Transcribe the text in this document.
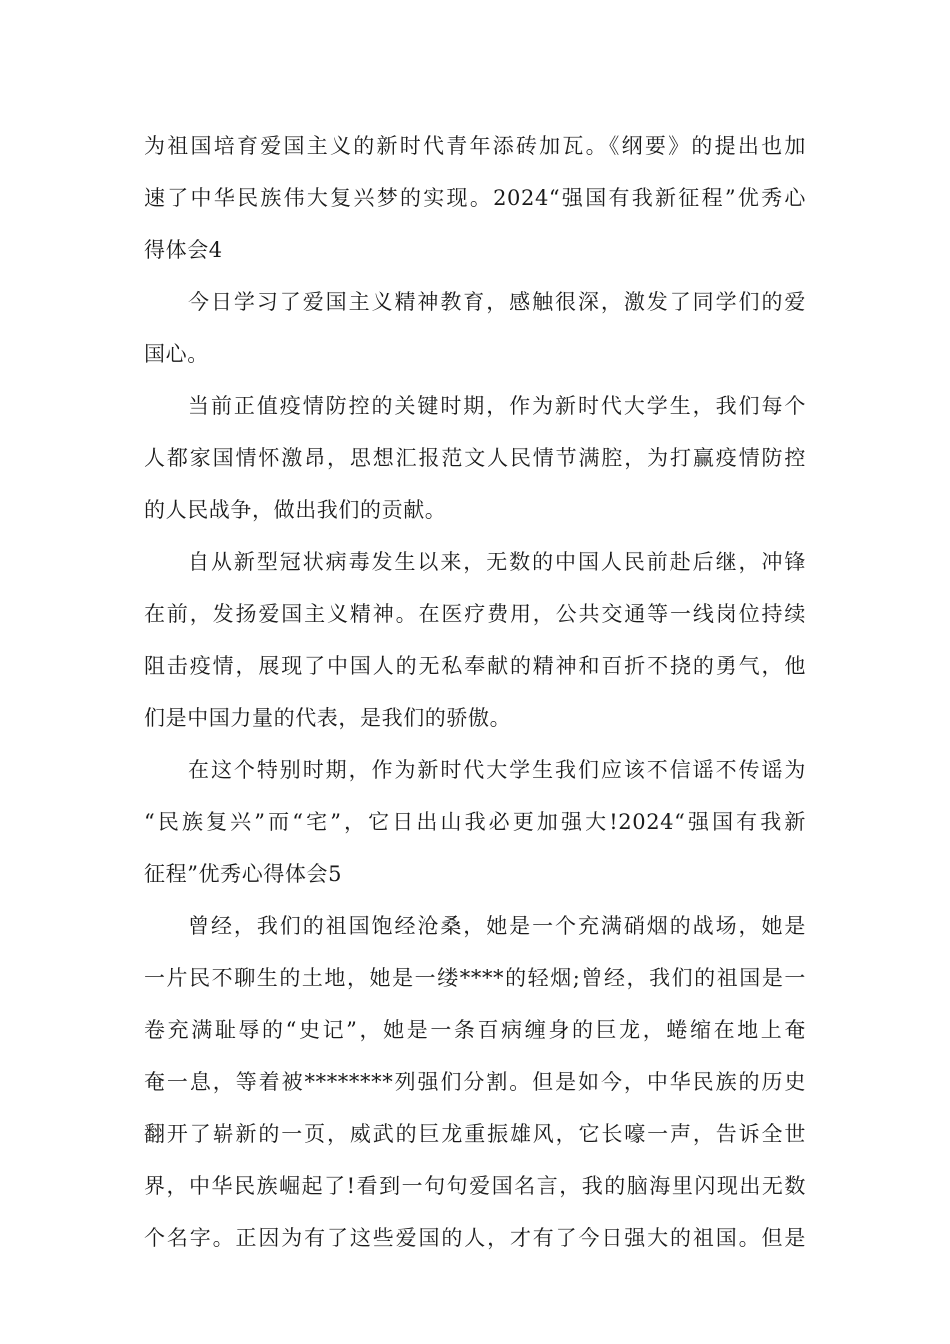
为祖国培育爱国主义的新时代青年添砖加瓦。《纲要》的提出也加
速了中华民族伟大复兴梦的实现。2024“强国有我新征程”优秀心
得体会4
今日学习了爱国主义精神教育，感触很深，激发了同学们的爱
国心。
当前正值疫情防控的关键时期，作为新时代大学生，我们每个
人都家国情怀激昂，思想汇报范文人民情节满腔，为打赢疫情防控
的人民战争，做出我们的贡献。
自从新型冠状病毒发生以来，无数的中国人民前赴后继，冲锋
在前，发扬爱国主义精神。在医疗费用，公共交通等一线岗位持续
阻击疫情，展现了中国人的无私奉献的精神和百折不挠的勇气，他
们是中国力量的代表，是我们的骄傲。
在这个特别时期，作为新时代大学生我们应该不信谣不传谣为
“民族复兴”而“宅”，它日出山我必更加强大!2024“强国有我新
征程”优秀心得体会5
曾经，我们的祖国饱经沧桑，她是一个充满硝烟的战场，她是
一片民不聊生的土地，她是一缕****的轻烟;曾经，我们的祖国是一
卷充满耻辱的“史记”，她是一条百病缠身的巨龙，蜷缩在地上奄
奄一息，等着被********列强们分割。但是如今，中华民族的历史
翻开了崭新的一页，威武的巨龙重振雄风，它长嚎一声，告诉全世
界，中华民族崛起了!看到一句句爱国名言，我的脑海里闪现出无数
个名字。正因为有了这些爱国的人，才有了今日强大的祖国。但是
